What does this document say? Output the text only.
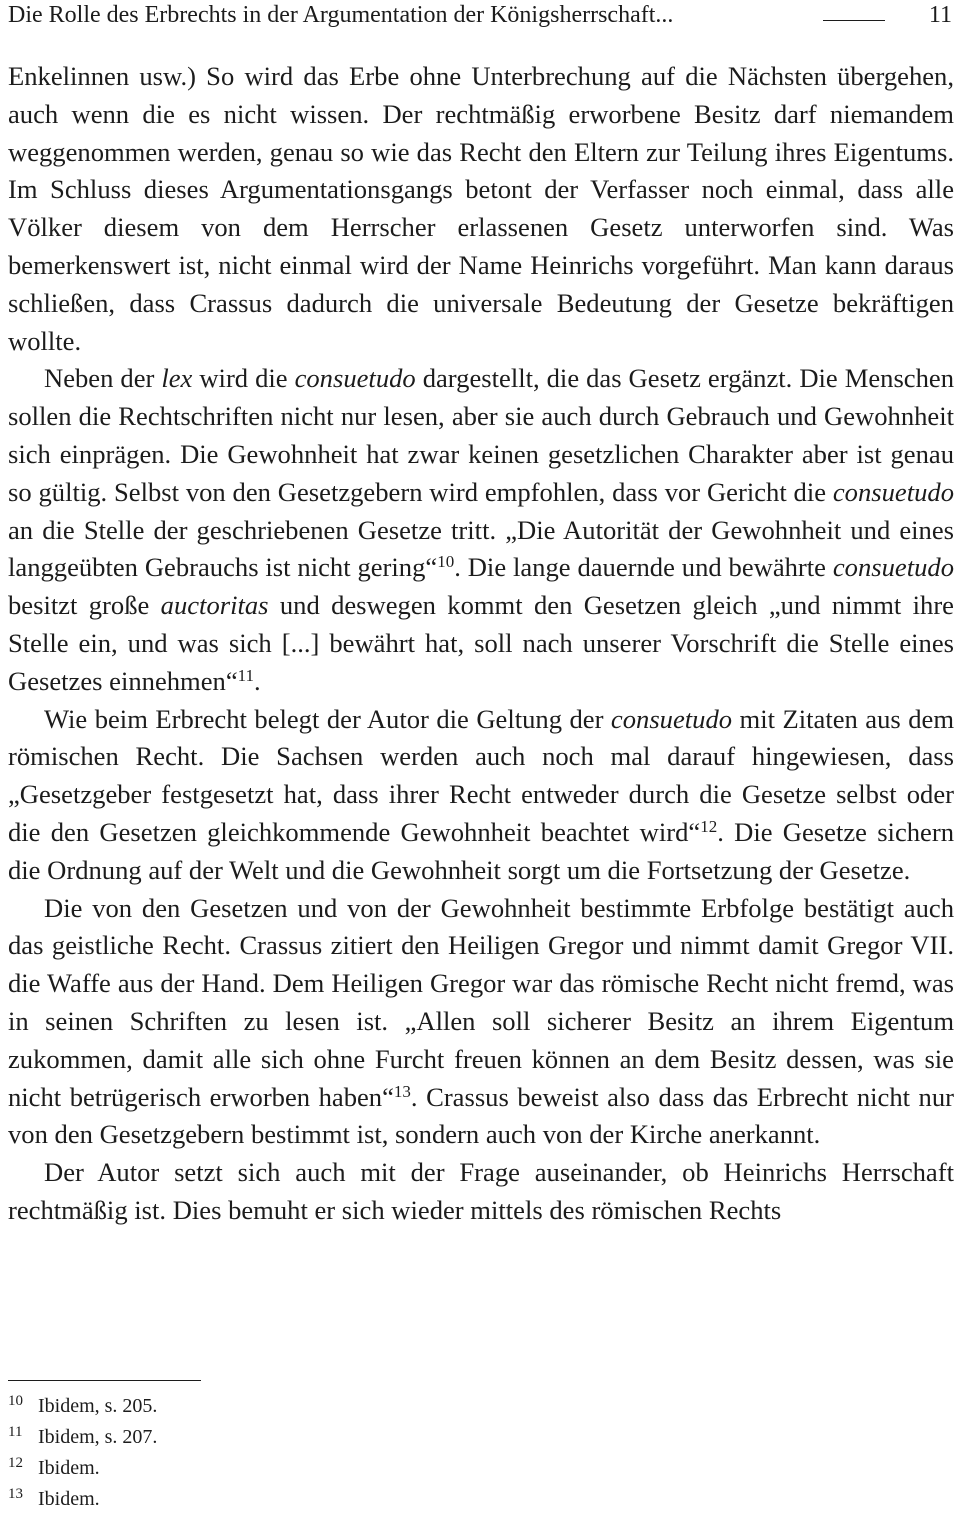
Die Rolle des Erbrechts in der Argumentation der Königsherrschaft...	11

Enkelinnen usw.) So wird das Erbe ohne Unterbrechung auf die Nächsten übergehen, auch wenn die es nicht wissen. Der rechtmäßig erworbene Besitz darf niemandem weggenommen werden, genau so wie das Recht den Eltern zur Teilung ihres Eigentums. Im Schluss dieses Argumentationsgangs betont der Verfasser noch einmal, dass alle Völker diesem von dem Herrscher erlassenen Gesetz unterworfen sind. Was bemerkenswert ist, nicht einmal wird der Name Heinrichs vorgeführt. Man kann daraus schließen, dass Crassus dadurch die universale Bedeutung der Gesetze bekräftigen wollte.

Neben der lex wird die consuetudo dargestellt, die das Gesetz ergänzt. Die Menschen sollen die Rechtschriften nicht nur lesen, aber sie auch durch Gebrauch und Gewohnheit sich einprägen. Die Gewohnheit hat zwar keinen gesetzlichen Charakter aber ist genau so gültig. Selbst von den Gesetzgebern wird empfohlen, dass vor Gericht die consuetudo an die Stelle der geschriebenen Gesetze tritt. „Die Autorität der Gewohnheit und eines langgeübten Gebrauchs ist nicht gering“$^{10}$. Die lange dauernde und bewährte consuetudo besitzt große auctoritas und deswegen kommt den Gesetzen gleich „und nimmt ihre Stelle ein, und was sich [...] bewährt hat, soll nach unserer Vorschrift die Stelle eines Gesetzes einnehmen“$^{11}$.

Wie beim Erbrecht belegt der Autor die Geltung der consuetudo mit Zitaten aus dem römischen Recht. Die Sachsen werden auch noch mal darauf hingewiesen, dass „Gesetzgeber festgesetzt hat, dass ihrer Recht entweder durch die Gesetze selbst oder die den Gesetzen gleichkommende Gewohnheit beachtet wird“$^{12}$. Die Gesetze sichern die Ordnung auf der Welt und die Gewohnheit sorgt um die Fortsetzung der Gesetze.

Die von den Gesetzen und von der Gewohnheit bestimmte Erbfolge bestätigt auch das geistliche Recht. Crassus zitiert den Heiligen Gregor und nimmt damit Gregor VII. die Waffe aus der Hand. Dem Heiligen Gregor war das römische Recht nicht fremd, was in seinen Schriften zu lesen ist. „Allen soll sicherer Besitz an ihrem Eigentum zukommen, damit alle sich ohne Furcht freuen können an dem Besitz dessen, was sie nicht betrügerisch erworben haben“$^{13}$. Crassus beweist also dass das Erbrecht nicht nur von den Gesetzgebern bestimmt ist, sondern auch von der Kirche anerkannt.

Der Autor setzt sich auch mit der Frage auseinander, ob Heinrichs Herrschaft rechtmäßig ist. Dies bemuht er sich wieder mittels des römischen Rechts

10 Ibidem, s. 205.
11 Ibidem, s. 207.
12 Ibidem.
13 Ibidem.
